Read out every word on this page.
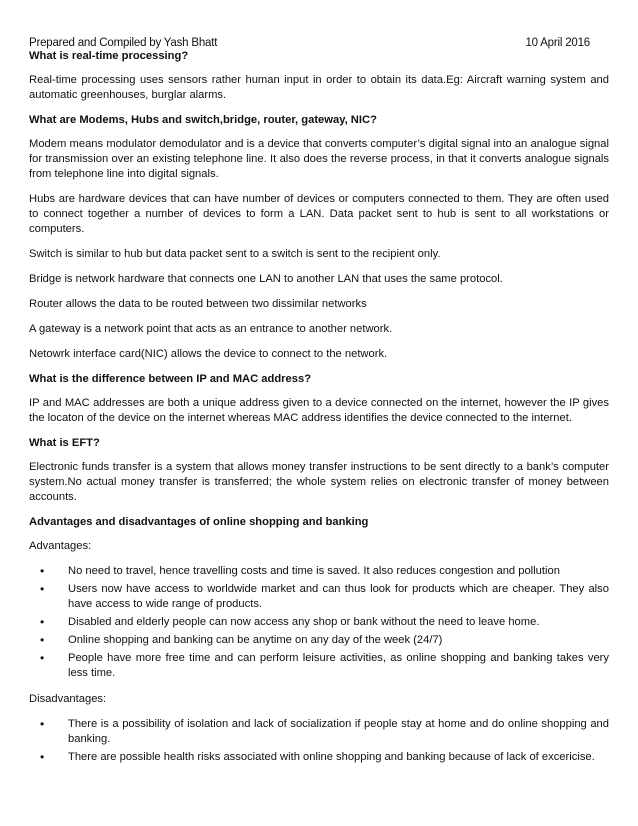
Prepared and Compiled by Yash Bhatt	10 April 2016

What is real-time processing?

Real-time processing uses sensors rather human input in order to obtain its data.Eg: Aircraft warning system and automatic greenhouses, burglar alarms.

What are Modems, Hubs and switch,bridge, router, gateway, NIC?

Modem means modulator demodulator and is a device that converts computer’s digital signal into an analogue signal for transmission over an existing telephone line. It also does the reverse process, in that it converts analogue signals from telephone line into digital signals.

Hubs are hardware devices that can have number of devices or computers connected to them. They are often used to connect together a number of devices to form a LAN. Data packet sent to hub is sent to all workstations or computers.

Switch is similar to hub but data packet sent to a switch is sent to the recipient only.

Bridge is network hardware that connects one LAN to another LAN that uses the same protocol.

Router allows the data to be routed between two dissimilar networks

A gateway is a network point that acts as an entrance to another network.

Netowrk interface card(NIC) allows the device to connect to the network.

What is the difference between IP and MAC address?

IP and MAC addresses are both a unique address given to a device connected on the internet, however the IP gives the locaton of the device on the internet whereas MAC address identifies the device connected to the internet.

What is EFT?

Electronic funds transfer is a system that allows money transfer instructions to be sent directly to a bank’s computer system.No actual money transfer is transferred; the whole system relies on electronic transfer of money between accounts.

Advantages and disadvantages of online shopping and banking

Advantages:

• No need to travel, hence travelling costs and time is saved. It also reduces congestion and pollution
• Users now have access to worldwide market and can thus look for products which are cheaper. They also have access to wide range of products.
• Disabled and elderly people can now access any shop or bank without the need to leave home.
• Online shopping and banking can be anytime on any day of the week (24/7)
• People have more free time and can perform leisure activities, as online shopping and banking takes very less time.

Disadvantages:

• There is a possibility of isolation and lack of socialization if people stay at home and do online shopping and banking.
• There are possible health risks associated with online shopping and banking because of lack of excericise.
